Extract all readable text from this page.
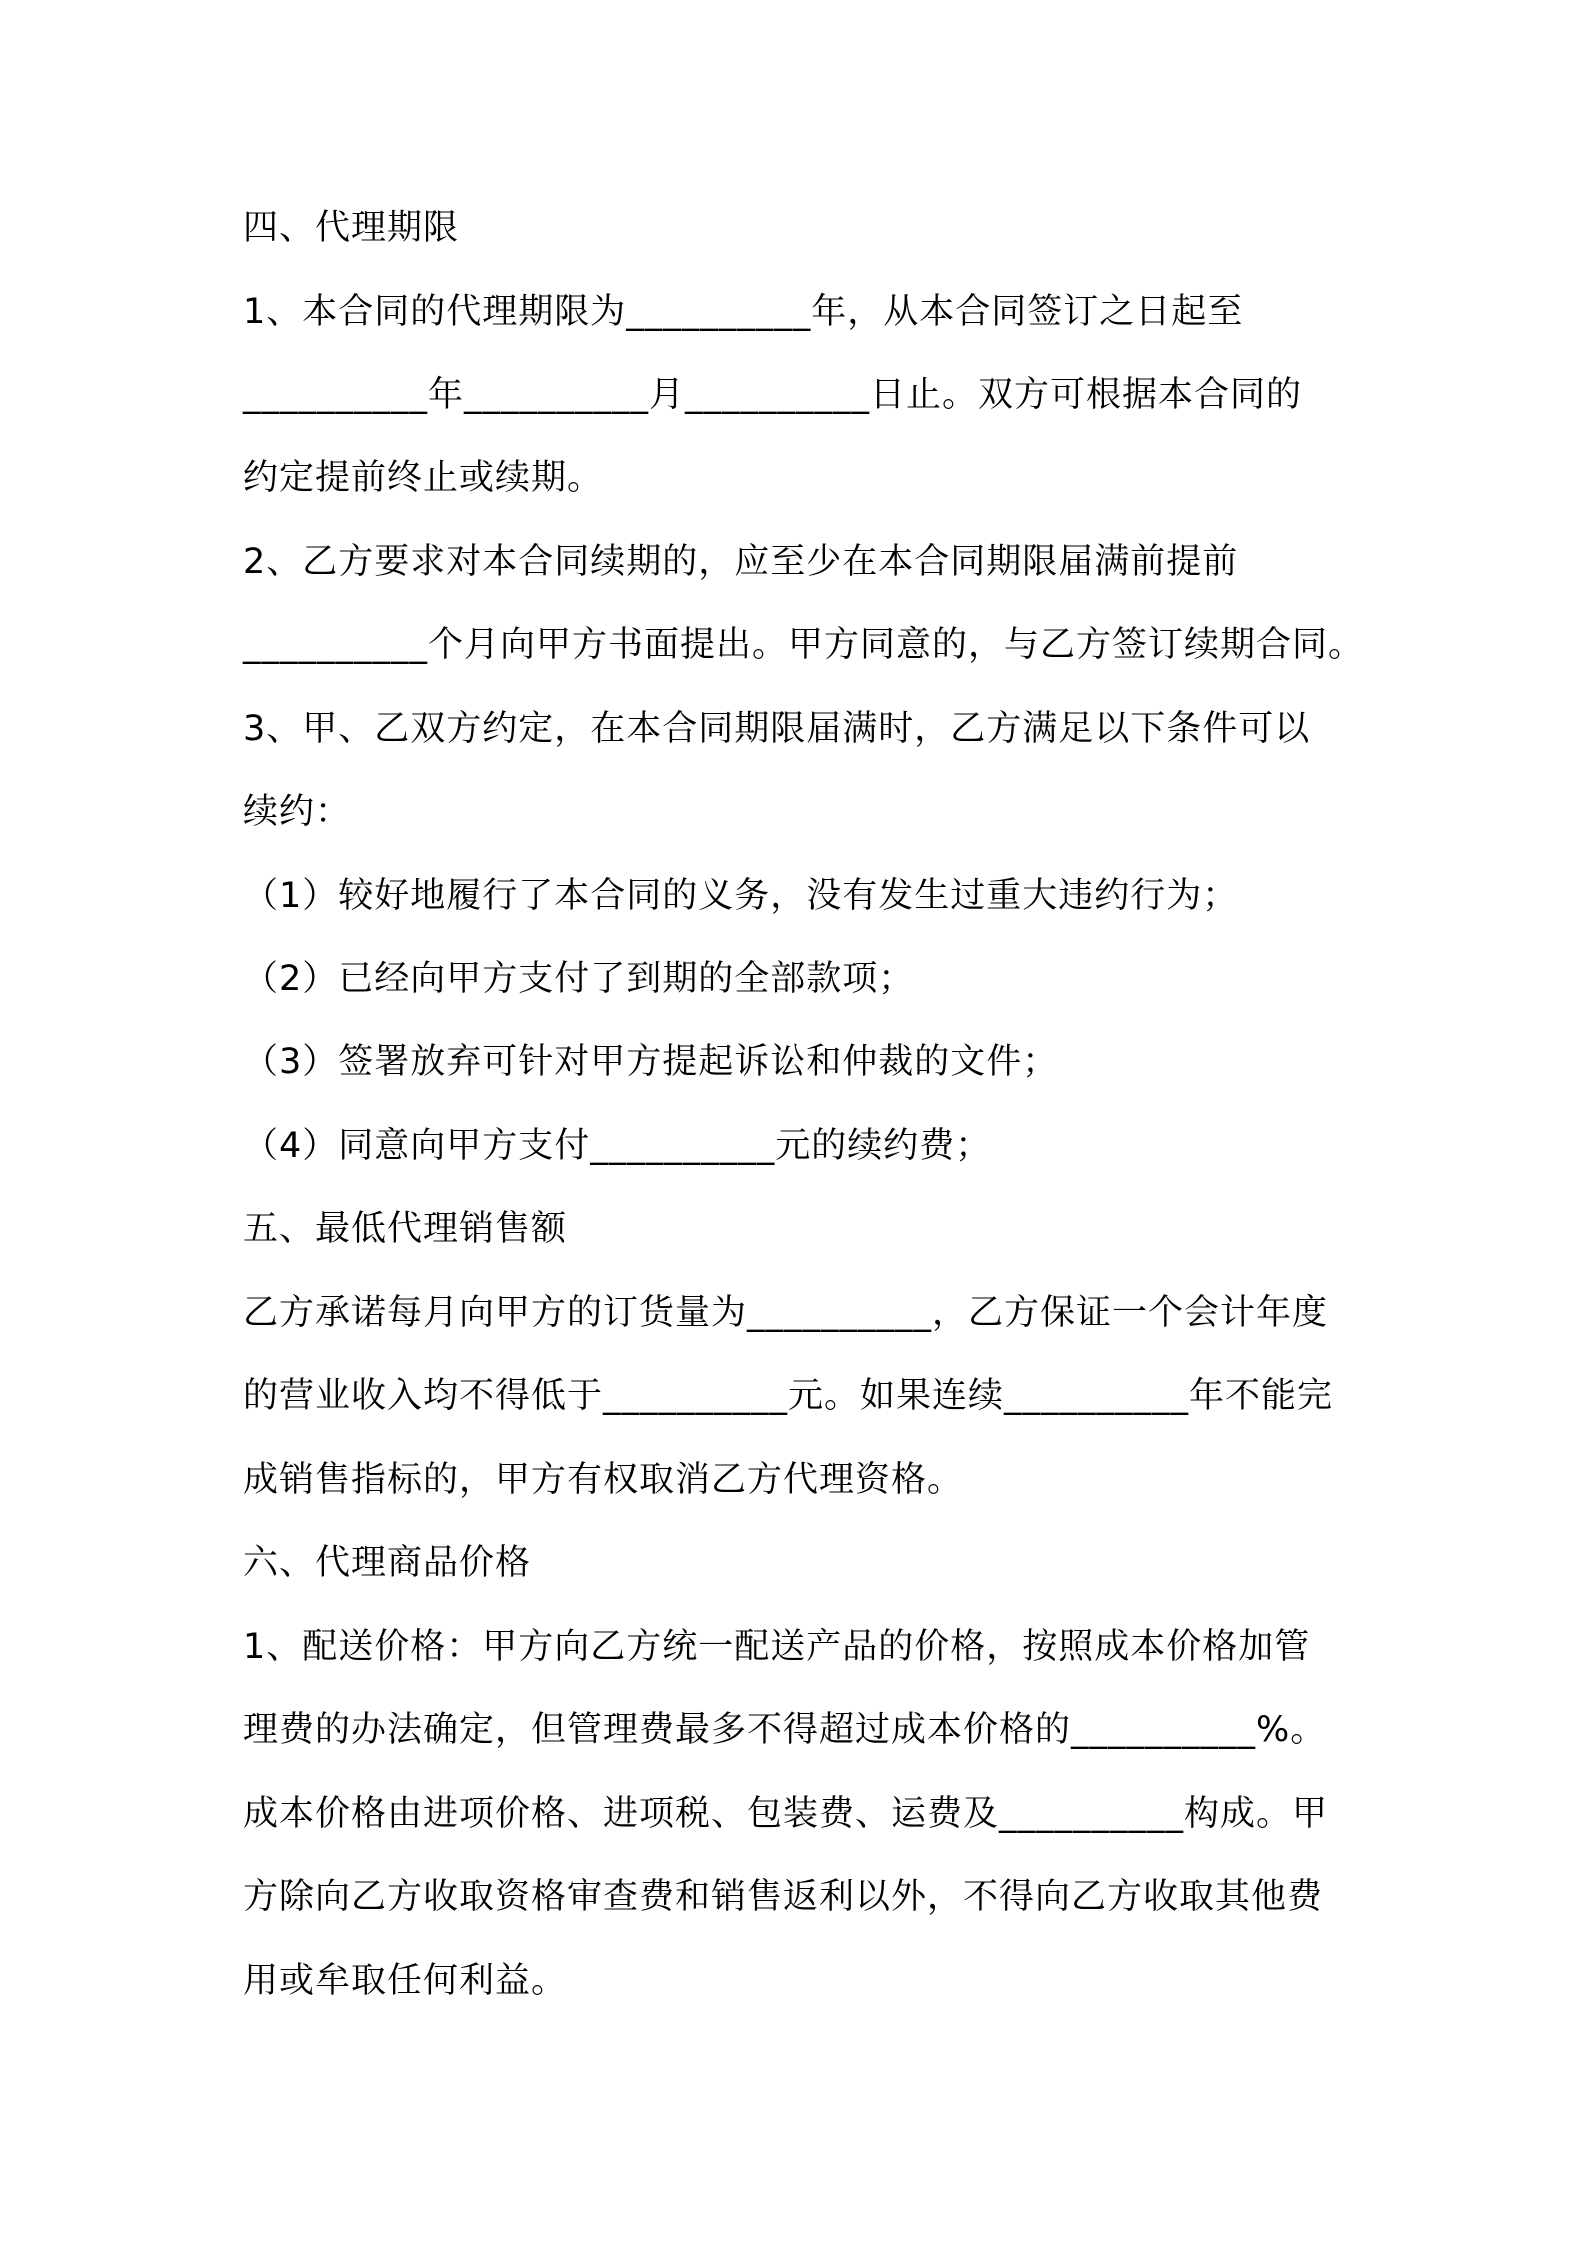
四、代理期限
1、本合同的代理期限为__________年，从本合同签订之日起至
__________年__________月__________日止。双方可根据本合同的
约定提前终止或续期。
2、乙方要求对本合同续期的，应至少在本合同期限届满前提前
__________个月向甲方书面提出。甲方同意的，与乙方签订续期合同。
3、甲、乙双方约定，在本合同期限届满时，乙方满足以下条件可以
续约：
（1）较好地履行了本合同的义务，没有发生过重大违约行为；
（2）已经向甲方支付了到期的全部款项；
（3）签署放弃可针对甲方提起诉讼和仲裁的文件；
（4）同意向甲方支付__________元的续约费；
五、最低代理销售额
乙方承诺每月向甲方的订货量为__________，乙方保证一个会计年度
的营业收入均不得低于__________元。如果连续__________年不能完
成销售指标的，甲方有权取消乙方代理资格。
六、代理商品价格
1、配送价格：甲方向乙方统一配送产品的价格，按照成本价格加管
理费的办法确定，但管理费最多不得超过成本价格的__________%。
成本价格由进项价格、进项税、包装费、运费及__________构成。甲
方除向乙方收取资格审查费和销售返利以外，不得向乙方收取其他费
用或牟取任何利益。
